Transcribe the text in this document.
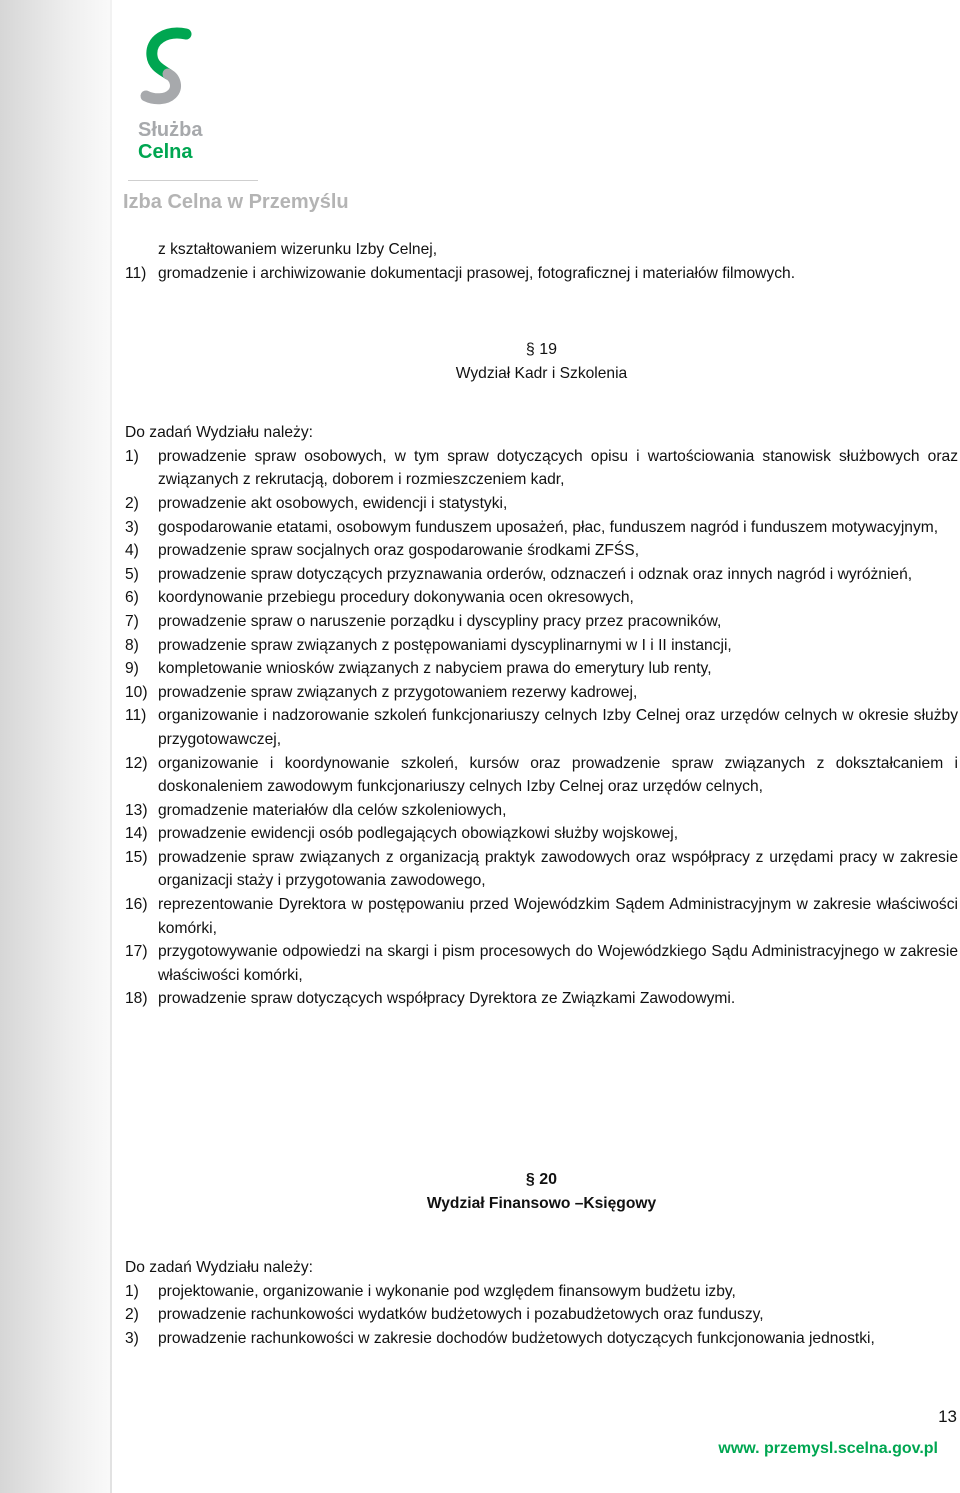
Służba
Celna
Izba Celna w Przemyślu
z kształtowaniem wizerunku Izby Celnej,
11) gromadzenie i archiwizowanie dokumentacji prasowej, fotograficznej i materiałów filmowych.
§ 19
Wydział Kadr i Szkolenia
Do zadań Wydziału należy:
1)	prowadzenie spraw osobowych, w tym spraw dotyczących opisu i wartościowania stanowisk służbowych oraz związanych z rekrutacją, doborem i rozmieszczeniem kadr,
2)	prowadzenie akt osobowych, ewidencji i statystyki,
3)	gospodarowanie etatami, osobowym funduszem uposażeń, płac, funduszem nagród i funduszem motywacyjnym,
4)	prowadzenie spraw socjalnych oraz gospodarowanie środkami ZFŚS,
5)	prowadzenie spraw dotyczących przyznawania orderów, odznaczeń i odznak oraz innych nagród i wyróżnień,
6)	koordynowanie przebiegu procedury dokonywania ocen okresowych,
7)	prowadzenie spraw o naruszenie porządku i dyscypliny pracy przez pracowników,
8)	prowadzenie spraw związanych z postępowaniami dyscyplinarnymi w I i II instancji,
9)	kompletowanie wniosków związanych z nabyciem prawa do emerytury lub renty,
10) prowadzenie spraw związanych z przygotowaniem rezerwy kadrowej,
11) organizowanie i nadzorowanie szkoleń funkcjonariuszy celnych Izby Celnej oraz urzędów celnych w okresie służby przygotowawczej,
12) organizowanie i koordynowanie szkoleń, kursów oraz prowadzenie spraw związanych z dokształcaniem i doskonaleniem zawodowym funkcjonariuszy celnych Izby Celnej oraz urzędów celnych,
13) gromadzenie materiałów dla celów szkoleniowych,
14) prowadzenie ewidencji osób podlegających obowiązkowi służby wojskowej,
15) prowadzenie spraw związanych z organizacją praktyk zawodowych oraz współpracy z urzędami pracy w zakresie organizacji staży i przygotowania zawodowego,
16) reprezentowanie Dyrektora w postępowaniu przed Wojewódzkim Sądem Administracyjnym w zakresie właściwości komórki,
17) przygotowywanie odpowiedzi na skargi i pism procesowych do Wojewódzkiego Sądu Administracyjnego w zakresie właściwości komórki,
18) prowadzenie spraw dotyczących współpracy Dyrektora ze Związkami Zawodowymi.
§ 20
Wydział Finansowo –Księgowy
Do zadań Wydziału należy:
1)	projektowanie, organizowanie i wykonanie pod względem finansowym budżetu izby,
2)	prowadzenie rachunkowości wydatków budżetowych i pozabudżetowych oraz funduszy,
3)	prowadzenie rachunkowości w zakresie dochodów budżetowych dotyczących funkcjonowania jednostki,
13
www. przemysl.scelna.gov.pl
